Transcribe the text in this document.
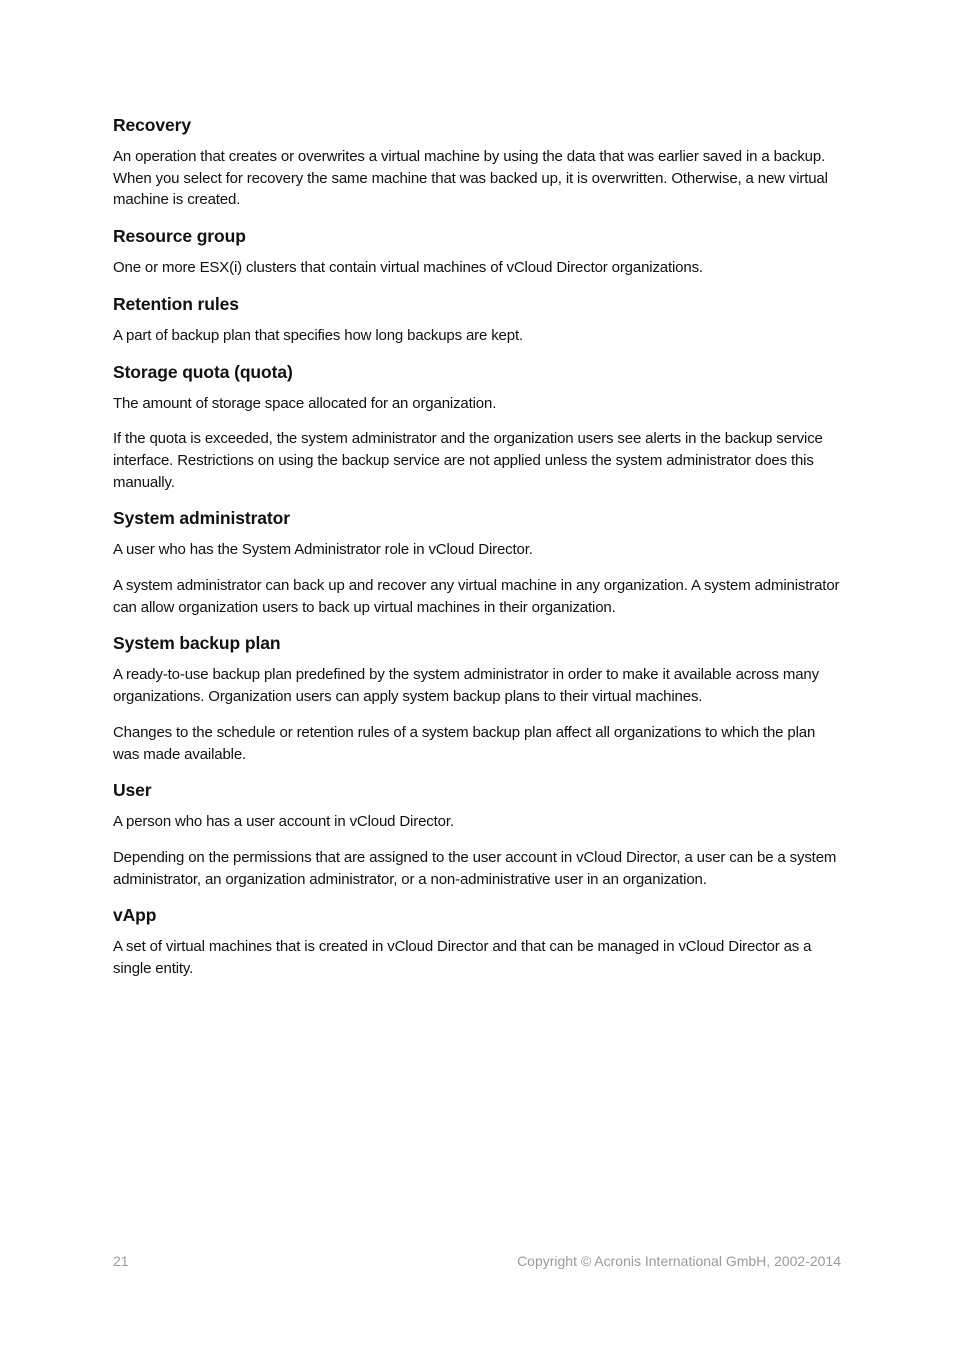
Recovery

An operation that creates or overwrites a virtual machine by using the data that was earlier saved in a backup. When you select for recovery the same machine that was backed up, it is overwritten. Otherwise, a new virtual machine is created.

Resource group

One or more ESX(i) clusters that contain virtual machines of vCloud Director organizations.

Retention rules

A part of backup plan that specifies how long backups are kept.

Storage quota (quota)

The amount of storage space allocated for an organization.

If the quota is exceeded, the system administrator and the organization users see alerts in the backup service interface. Restrictions on using the backup service are not applied unless the system administrator does this manually.

System administrator

A user who has the System Administrator role in vCloud Director.

A system administrator can back up and recover any virtual machine in any organization. A system administrator can allow organization users to back up virtual machines in their organization.

System backup plan

A ready-to-use backup plan predefined by the system administrator in order to make it available across many organizations. Organization users can apply system backup plans to their virtual machines.

Changes to the schedule or retention rules of a system backup plan affect all organizations to which the plan was made available.

User

A person who has a user account in vCloud Director.

Depending on the permissions that are assigned to the user account in vCloud Director, a user can be a system administrator, an organization administrator, or a non-administrative user in an organization.

vApp

A set of virtual machines that is created in vCloud Director and that can be managed in vCloud Director as a single entity.

21	Copyright © Acronis International GmbH, 2002-2014
